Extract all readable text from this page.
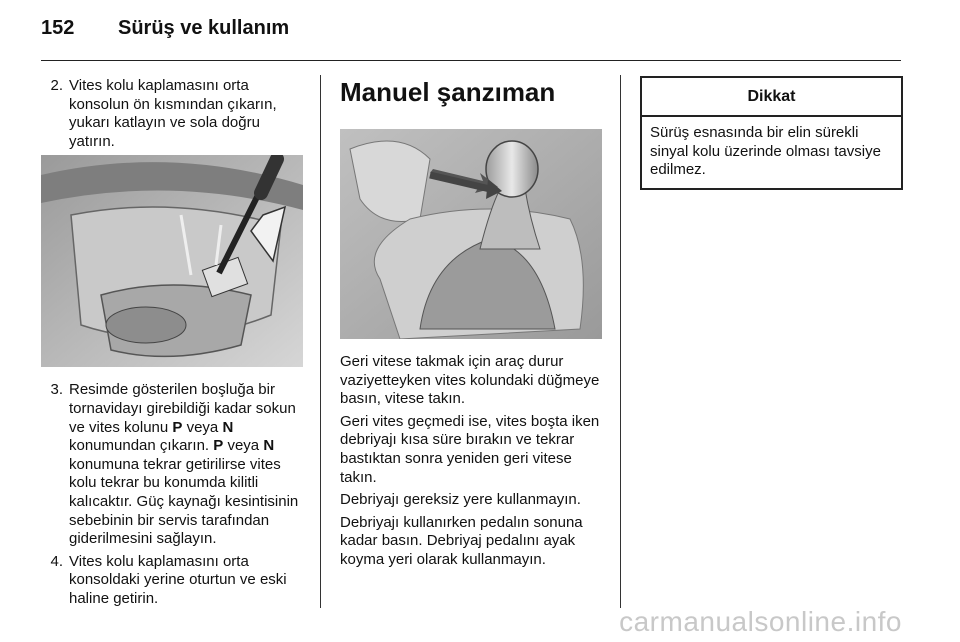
152 Sürüş ve kullanım
2. Vites kolu kaplamasını orta konsolun ön kısmından çıkarın, yukarı katlayın ve sola doğru yatırın.
3. Resimde gösterilen boşluğa bir tornavidayı girebildiği kadar sokun ve vites kolunu P veya N konumundan çıkarın. P veya N konumuna tekrar getirilirse vites kolu tekrar bu konumda kilitli kalıcaktır. Güç kaynağı kesintisinin sebebinin bir servis tarafından giderilmesini sağlayın.
4. Vites kolu kaplamasını orta konsoldaki yerine oturtun ve eski haline getirin.
Manuel şanzıman

Geri vitese takmak için araç durur vaziyetteyken vites kolundaki düğmeye basın, vitese takın.

Geri vites geçmedi ise, vites boşta iken debriyajı kısa süre bırakın ve tekrar bastıktan sonra yeniden geri vitese takın.

Debriyajı gereksiz yere kullanmayın.

Debriyajı kullanırken pedalın sonuna kadar basın. Debriyaj pedalını ayak koyma yeri olarak kullanmayın.

Dikkat
Sürüş esnasında bir elin sürekli sinyal kolu üzerinde olması tavsiye edilmez.
carmanualsonline.info
